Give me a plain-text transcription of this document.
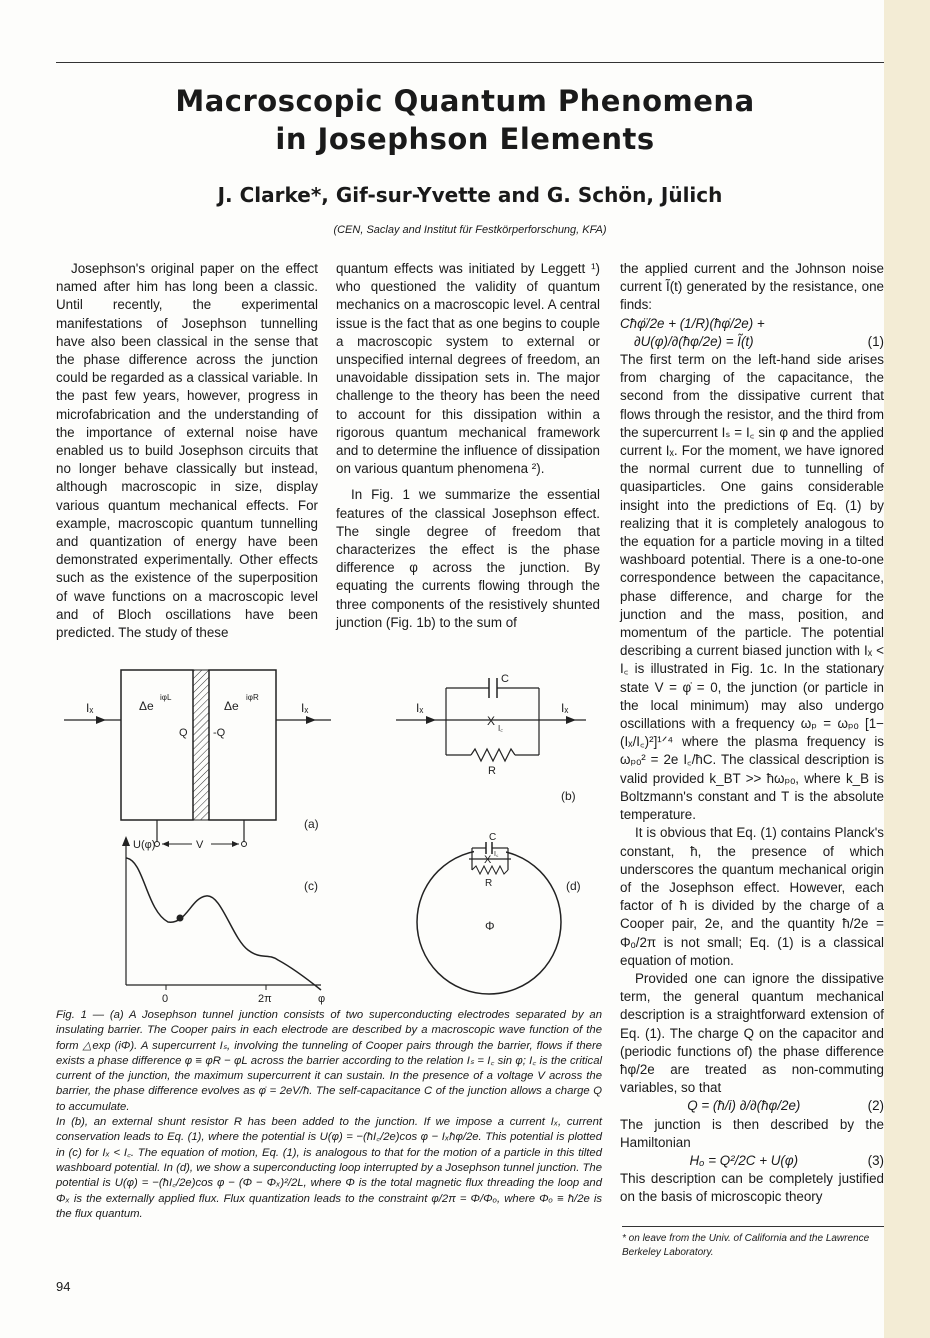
Macroscopic Quantum Phenomena
in Josephson Elements
J. Clarke*, Gif-sur-Yvette and G. Schön, Jülich
(CEN, Saclay and Institut für Festkörperforschung, KFA)

Josephson's original paper on the effect named after him has long been a classic. Until recently, the experimental manifestations of Josephson tunnelling have also been classical in the sense that the phase difference across the junction could be regarded as a classical variable. In the past few years, however, progress in microfabrication and the understanding of the importance of external noise have enabled us to build Josephson circuits that no longer behave classically but instead, although macroscopic in size, display various quantum mechanical effects. For example, macroscopic quantum tunnelling and quantization of energy have been demonstrated experimentally. Other effects such as the existence of the superposition of wave functions on a macroscopic level and of Bloch oscillations have been predicted. The study of these

quantum effects was initiated by Leggett ¹) who questioned the validity of quantum mechanics on a macroscopic level. A central issue is the fact that as one begins to couple a macroscopic system to external or unspecified internal degrees of freedom, an unavoidable dissipation sets in. The major challenge to the theory has been the need to account for this dissipation within a rigorous quantum mechanical framework and to determine the influence of dissipation on various quantum phenomena ²).

In Fig. 1 we summarize the essential features of the classical Josephson effect. The single degree of freedom that characterizes the effect is the phase difference φ across the junction. By equating the currents flowing through the three components of the resistively shunted junction (Fig. 1b) to the sum of

the applied current and the Johnson noise current Ĩ(t) generated by the resistance, one finds:

Cħφ̈/2e + (1/R)(ħφ̇/2e) +

∂U(φ)/∂(ħφ/2e) = Ĩ(t)	(1)

The first term on the left-hand side arises from charging of the capacitance, the second from the dissipative current that flows through the resistor, and the third from the supercurrent Iₛ = I꜀ sin φ and the applied current Iₓ. For the moment, we have ignored the normal current due to tunnelling of quasiparticles. One gains considerable insight into the predictions of Eq. (1) by realizing that it is completely analogous to the equation for a particle moving in a tilted washboard potential. There is a one-to-one correspondence between the capacitance, phase difference, and charge for the junction and the mass, position, and momentum of the particle. The potential describing a current biased junction with Iₓ < I꜀ is illustrated in Fig. 1c. In the stationary state V = φ̇ = 0, the junction (or particle in the local minimum) may also undergo oscillations with a frequency ωₚ = ωₚₒ [1−(Iₓ/I꜀)²]¹ᐟ⁴ where the plasma frequency is ωₚₒ² = 2e I꜀/ħC. The classical description is valid provided k_BT >> ħωₚₒ, where k_B is Boltzmann's constant and T is the absolute temperature.

It is obvious that Eq. (1) contains Planck's constant, ħ, the presence of which underscores the quantum mechanical origin of the Josephson effect. However, each factor of ħ is divided by the charge of a Cooper pair, 2e, and the quantity ħ/2e = Φₒ/2π is not small; Eq. (1) is a classical equation of motion.

Provided one can ignore the dissipative term, the general quantum mechanical description is a straightforward extension of Eq. (1). The charge Q on the capacitor and (periodic functions of) the phase difference ħφ/2e are treated as non-commuting variables, so that

Q = (ħ/i) ∂/∂(ħφ/2e)	(2)

The junction is then described by the Hamiltonian

Hₒ = Q²/2C + U(φ)	(3)

This description can be completely justified on the basis of microscopic theory

Iₓ	Iₓ
Δe
iφL
Δe
iφR
Q -Q
V
(a)
Iₓ	Iₓ
C
X
I꜀
R
(b)
U(φ)
0	2π	φ
(c)
C
X I꜀
R
Φ
(d)

Fig. 1 — (a) A Josephson tunnel junction consists of two superconducting electrodes separated by an insulating barrier. The Cooper pairs in each electrode are described by a macroscopic wave function of the form △exp (iΦ). A supercurrent Iₛ, involving the tunneling of Cooper pairs through the barrier, flows if there exists a phase difference φ ≡ φR − φL across the barrier according to the relation Iₛ = I꜀ sin φ; I꜀ is the critical current of the junction, the maximum supercurrent it can sustain. In the presence of a voltage V across the barrier, the phase difference evolves as φ̇ = 2eV/ħ. The self-capacitance C of the junction allows a charge Q to accumulate.

In (b), an external shunt resistor R has been added to the junction. If we impose a current Iₓ, current conservation leads to Eq. (1), where the potential is U(φ) = −(ħI꜀/2e)cos φ − Iₓħφ/2e. This potential is plotted in (c) for Iₓ < I꜀. The equation of motion, Eq. (1), is analogous to that for the motion of a particle in this tilted washboard potential. In (d), we show a superconducting loop interrupted by a Josephson tunnel junction. The potential is U(φ) = −(ħI꜀/2e)cos φ − (Φ − Φₓ)²/2L, where Φ is the total magnetic flux threading the loop and Φₓ is the externally applied flux. Flux quantization leads to the constraint φ/2π = Φ/Φₒ, where Φₒ ≡ ħ/2e is the flux quantum.

* on leave from the Univ. of California and the Lawrence Berkeley Laboratory.
94
